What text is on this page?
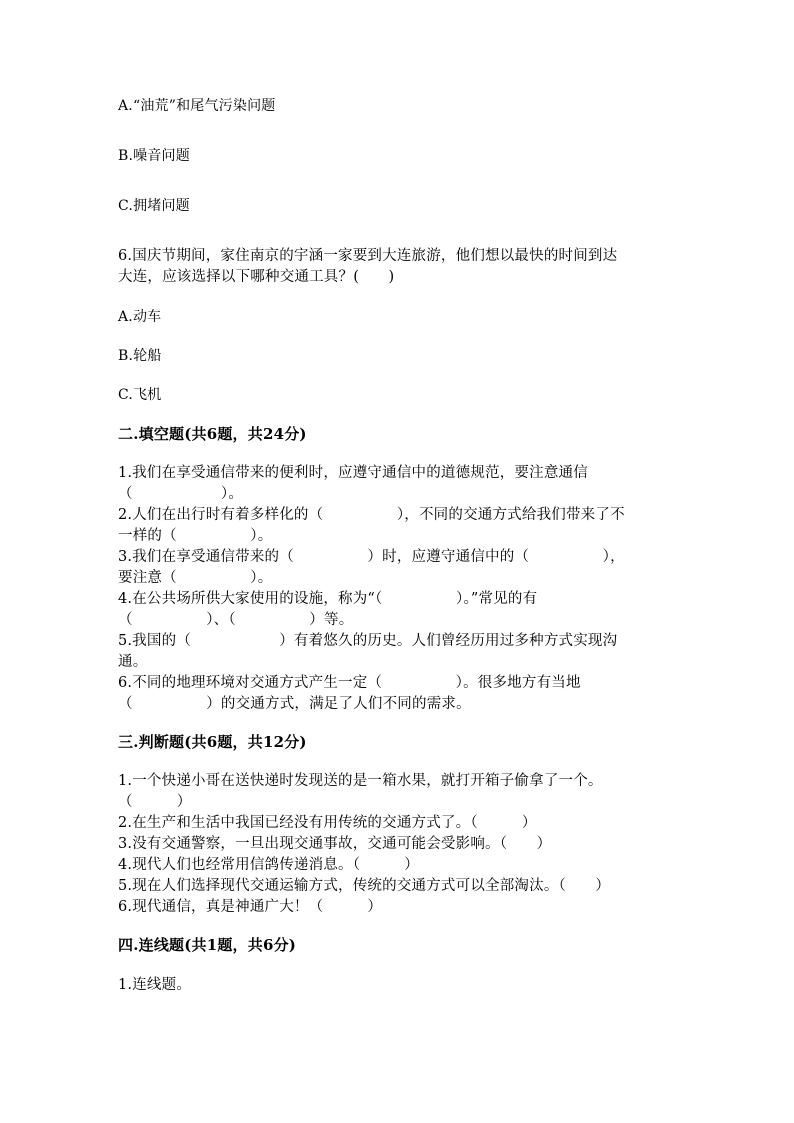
A.“油荒”和尾气污染问题
B.噪音问题
C.拥堵问题
6.国庆节期间，家住南京的宇涵一家要到大连旅游，他们想以最快的时间到达
大连，应该选择以下哪种交通工具？(　　)
A.动车
B.轮船
C.飞机
二.填空题(共6题，共24分)
1.我们在享受通信带来的便利时，应遵守通信中的道德规范，要注意通信
（　　　　　　）。
2.人们在出行时有着多样化的（　　　　　），不同的交通方式给我们带来了不
一样的（　　　　　）。
3.我们在享受通信带来的（　　　　　）时，应遵守通信中的（　　　　　），
要注意（　　　　　）。
4.在公共场所供大家使用的设施，称为“（　　　　　）。”常见的有
（　　　　　）、（　　　　　）等。
5.我国的（　　　　　　）有着悠久的历史。人们曾经历用过多种方式实现沟
通。
6.不同的地理环境对交通方式产生一定（　　　　　）。很多地方有当地
（　　　　　）的交通方式，满足了人们不同的需求。
三.判断题(共6题，共12分)
1.一个快递小哥在送快递时发现送的是一箱水果，就打开箱子偷拿了一个。
（　　　）
2.在生产和生活中我国已经没有用传统的交通方式了。（　　　）
3.没有交通警察，一旦出现交通事故，交通可能会受影响。（　　）
4.现代人们也经常用信鸽传递消息。（　　　）
5.现在人们选择现代交通运输方式，传统的交通方式可以全部淘汰。（　　）
6.现代通信，真是神通广大！（　　　）
四.连线题(共1题，共6分)
1.连线题。
